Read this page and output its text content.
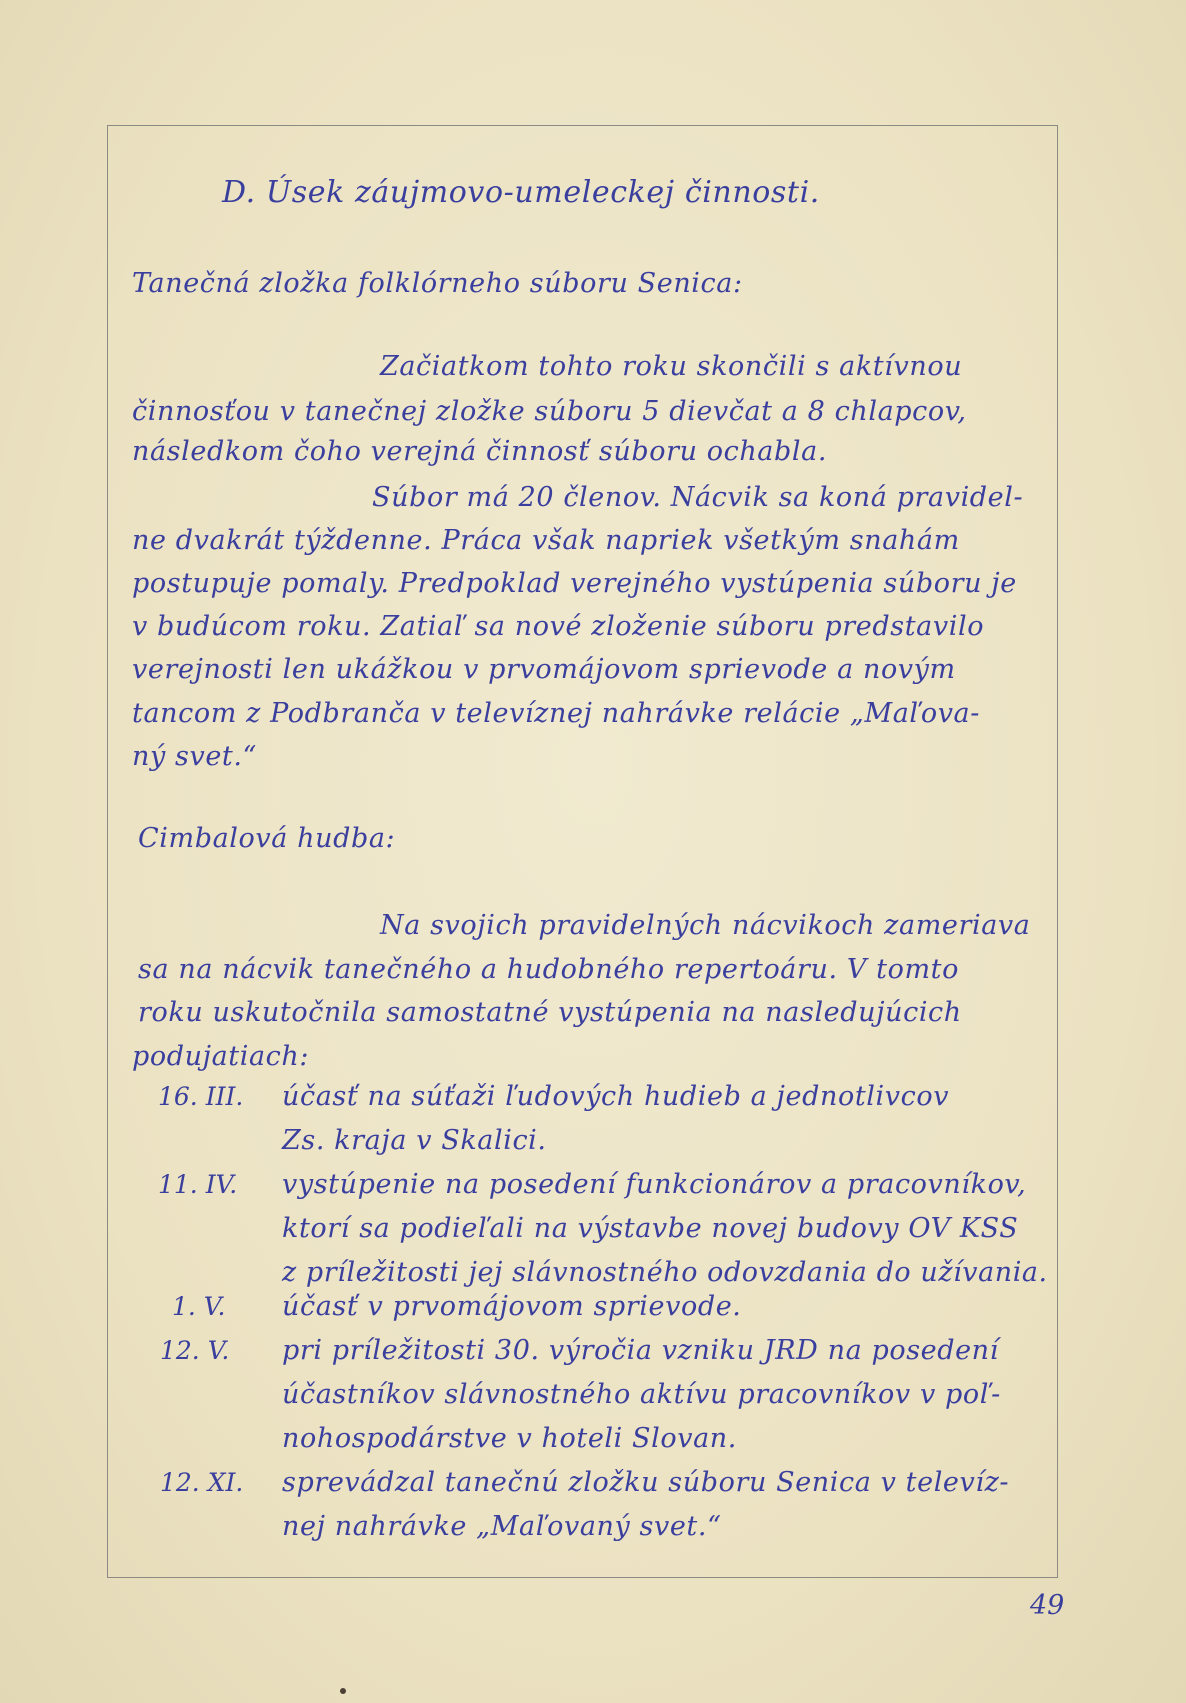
D. Úsek záujmovo-umeleckej činnosti.
Tanečná zložka folklórneho súboru Senica:
Začiatkom tohto roku skončili s aktívnou
činnosťou v tanečnej zložke súboru 5 dievčat a 8 chlapcov,
následkom čoho verejná činnosť súboru ochabla.
Súbor má 20 členov. Nácvik sa koná pravidel-
ne dvakrát týždenne. Práca však napriek všetkým snahám
postupuje pomaly. Predpoklad verejného vystúpenia súboru je
v budúcom roku. Zatiaľ sa nové zloženie súboru predstavilo
verejnosti len ukážkou v prvomájovom sprievode a novým
tancom z Podbranča v televíznej nahrávke relácie „Maľova-
ný svet.“
Cimbalová hudba:
Na svojich pravidelných nácvikoch zameriava
sa na nácvik tanečného a hudobného repertoáru. V tomto
roku uskutočnila samostatné vystúpenia na nasledujúcich
podujatiach:
16. III. účasť na súťaži ľudových hudieb a jednotlivcov
Zs. kraja v Skalici.
11. IV. vystúpenie na posedení funkcionárov a pracovníkov,
ktorí sa podieľali na výstavbe novej budovy OV KSS
z príležitosti jej slávnostného odovzdania do užívania.
1. V. účasť v prvomájovom sprievode.
12. V. pri príležitosti 30. výročia vzniku JRD na posedení
účastníkov slávnostného aktívu pracovníkov v poľ-
nohospodárstve v hoteli Slovan.
12. XI. sprevádzal tanečnú zložku súboru Senica v televíz-
nej nahrávke „Maľovaný svet.“
49
